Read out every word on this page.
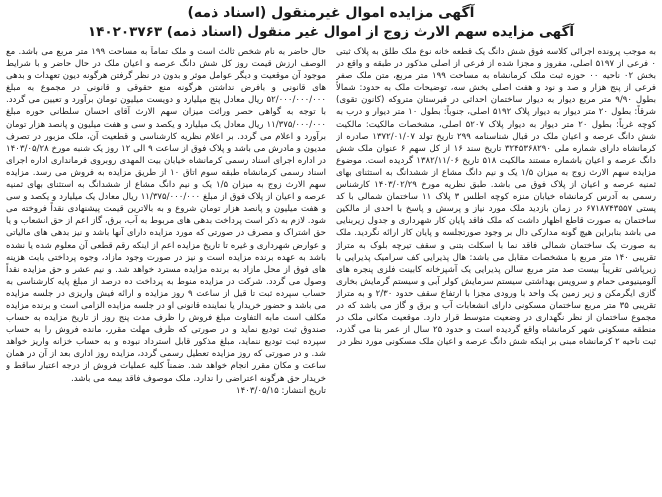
آگهی مزایده اموال غیرمنقول (اسناد ذمه)
آگهی مزایده سهم الارث زوج از اموال غیر منقول (اسناد ذمه) ۱۴۰۲۰۳۷۶۳

به موجب پرونده اجرائی کلاسه فوق شش دانگ یک قطعه خانه نوع ملک طلق به پلاک ثبتی ۰ فرعی از ۵۱۹۷ اصلی، مفروز و مجزا شده از فرعی از اصلی مذکور در طبقه و واقع در بخش ۰۲ ناحیه ۰۰ حوزه ثبت ملک کرمانشاه به مساحت ۱۹۹ متر مربع، متن ملک صفر فرعی از پنج هزار و صد و نود و هفت اصلی بخش سه، توضیحات ملک به حدود: شمالاً بطول ۹/۹۰ متر مربع دیوار به دیوار ساختمان احداثی در قبرستان متروکه (کانون تقوی) شرقاً: بطول ۲۰ متر دیوار به دیوار پلاک ۵۱۹۲ اصلی، جنوباً: بطول ۱۰ متر دیوار و درب به کوچه غرباً: بطول ۲۰ متر دیوار به دیوار پلاک ۵۲۰۷ اصلی، مشخصات مالکیت: مالکیت شش دانگ عرصه و اعیان ملک در قبال شناسنامه ۲۹۹ تاریخ تولد ۱۳۷۲/۰۱/۰۷ صادره از کرمانشاه دارای شماره ملی ۳۲۴۵۳۶۸۲۹۰ تاریخ سند ۱۶ از کل سهم ۶ عنوان ملک شش دانگ عرصه و اعیان باشماره مستند مالکیت ۵۱۸ تاریخ ۱۳۸۲/۱۱/۰۶ گردیده است. موضوع مزایده سهم الارث زوج به میزان ۱/۵ یک و نیم دانگ مشاع از ششدانگ به استثنای بهای ثمنیه عرصه و اعیان از پلاک فوق می باشد. طبق نظریه مورخ ۱۴۰۳/۰۲/۲۹ کارشناس رسمی به آدرس کرمانشاه خیابان منزه کوچه اطلس ۳ پلاک ۱۱ ساختمان شمالی با کد پستی ۶۷۱۸۷۴۳۵۵۷ در زمان بازدید ملک مورد نیاز و پرسش و پاسخ با احدی از مالکین ساختمان به صورت قاطع اظهار داشت که ملک فاقد پایان کار شهرداری و جدول زیربنایی می باشد بنابراین هیچ گونه مدارکی دال بر وجود صورتجلسه و پایان کار ارائه نگردید. ملک به صورت یک ساختمان شمالی فاقد نما با اسکلت بتنی و سقف تیرچه بلوک به متراژ تقریبی ۱۴۰ متر مربع با مشخصات مقابل می باشد: هال پذیرایی کف سرامیک پذیرایی با زیرپاشی تقریباً بیست صد متر مربع سالن پذیرایی یک آشپزخانه کابینت فلزی پنجره های آلومینیومی حمام و سرویس بهداشتی سیستم سرمایش کولر آبی و سیستم گرمایش بخاری گازی ایگرمکن و زیر زمین یک واحد با ورودی مجزا با ارتفاع سقف حدود ۲/۳۰ و به متراژ تقریبی ۳۵ متر مربع ساختمان مسکونی دارای انشعابات آب و برق و گاز می باشد که در مجموع ساختمان از نظر نگهداری در وضعیت متوسط قرار دارد. موقعیت مکانی ملک در منطقه مسکونی شهر کرمانشاه واقع گردیده است و حدود ۲۵ سال از عمر بنا می گذرد، ثبت ناحیه ۲ کرمانشاه مبنی بر اینکه شش دانگ عرصه و اعیان ملک مسکونی مورد نظر در

حال حاضر به نام شخص ثالث است و ملک تماماً به مساحت ۱۹۹ متر مربع می باشد. مع الوصف ارزش قیمت روز کل شش دانگ عرصه و اعیان ملک در حال حاضر و با شرایط موجود آن موقعیت و دیگر عوامل موثر و بدون در نظر گرفتن هرگونه دیون تعهدات و بدهی های قانونی و بافرض نداشتن هرگونه منع حقوقی و قانونی در مجموع به مبلغ ۵۲/۰۰۰/۰۰۰/۰۰۰ ریال معادل پنج میلیارد و دویست میلیون تومان برآورد و تعیین می گردد. با توجه به گواهی حصر وراثت میزان سهم الارث آقای احسان سلطانی حوره مبلغ ۱۱/۳۷۵/۰۰۰/۰۰۰ ریال معادل یک میلیارد و یکصد و سی و هفت میلیون و پانصد هزار تومان برآورد و اعلام می گردد. بر اعلام نظریه کارشناسی و قطعیت آن، ملک مزبور در تصرف مدیون و مادرش می باشد و پلاک فوق از ساعت ۹ الی ۱۲ روز یک شنبه مورخ ۱۴۰۳/۰۵/۲۸ در اداره اجرای اسناد رسمی کرمانشاه خیابان بیت المهدی روبروی فرمانداری اداره اجرای اسناد رسمی کرمانشاه طبقه سوم اتاق ۱۰ از طریق مزایده به فروش می رسد. مزایده سهم الارث زوج به میزان ۱/۵ یک و نیم دانگ مشاع از ششدانگ به استثنای بهای ثمنیه عرصه و اعیان از پلاک فوق از مبلغ ۱۱/۳۷۵/۰۰۰/۰۰۰ ریال معادل یک میلیارد و یکصد و سی و هفت میلیون و پانصد هزار تومان شروع و به بالاترین قیمت پیشنهادی نقداً فروخته می شود. لازم به ذکر است پرداخت بدهی های مربوط به آب، برق، گاز اعم از حق انشعاب و یا حق اشتراک و مصرف در صورتی که مورد مزایده دارای آنها باشد و نیز بدهی های مالیاتی و عوارض شهرداری و غیره تا تاریخ مزایده اعم از اینکه رقم قطعی آن معلوم شده یا نشده باشد به عهده برنده مزایده است و نیز در صورت وجود مازاد، وجوه پرداختی بابت هزینه های فوق از محل مازاد به برنده مزایده مسترد خواهد شد. و نیم عشر و حق مزایده نقداً وصول می گردد. شرکت در مزایده منوط به پرداخت ده درصد از مبلغ پایه کارشناسی به حساب سپرده ثبت تا قبل از ساعت ۹ روز مزایده و ارائه فیش واریزی در جلسه مزایده می باشد و حضور خریدار یا نماینده قانونی او در جلسه مزایده الزامی است و برنده مزایده مکلف است مابه التفاوت مبلغ فروش را ظرف مدت پنج روز از تاریخ مزایده به حساب صندوق ثبت تودیع نماید و در صورتی که ظرف مهلت مقرر، مانده فروش را به حساب سپرده ثبت تودیع ننماید، مبلغ مذکور قابل استرداد نبوده و به حساب خزانه واریز خواهد شد. و در صورتی که روز مزایده تعطیل رسمی گردد، مزایده روز اداری بعد از آن در همان ساعت و مکان مقرر انجام خواهد شد. ضمناً کلیه عملیات فروش از درجه اعتبار ساقط و خریدار حق هرگونه اعتراضی را ندارد. ملک موصوف فاقد بیمه می باشد.

تاریخ انتشار: ۱۴۰۳/۰۵/۱۵
